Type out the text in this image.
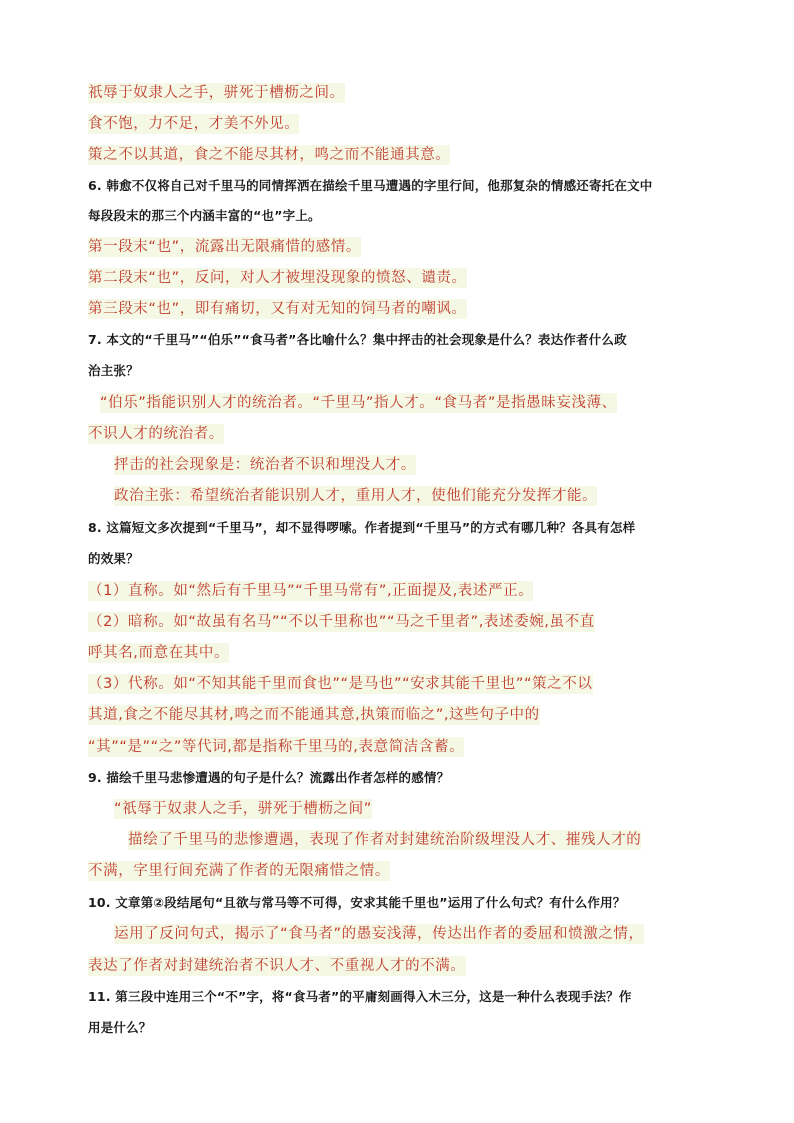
祇辱于奴隶人之手，骈死于槽枥之间。
食不饱，力不足，才美不外见。
策之不以其道，食之不能尽其材，鸣之而不能通其意。
6. 韩愈不仅将自己对千里马的同情挥洒在描绘千里马遭遇的字里行间，他那复杂的情感还寄托在文中
每段段末的那三个内涵丰富的“也”字上。
第一段末“也”，流露出无限痛惜的感情。
第二段末“也”，反问，对人才被埋没现象的愤怒、谴责。
第三段末“也”，即有痛切，又有对无知的饲马者的嘲讽。
7. 本文的“千里马”“伯乐”“食马者”各比喻什么？集中抨击的社会现象是什么？表达作者什么政
治主张？
“伯乐”指能识别人才的统治者。“千里马”指人才。“食马者”是指愚昧妄浅薄、
不识人才的统治者。
抨击的社会现象是：统治者不识和埋没人才。
政治主张：希望统治者能识别人才，重用人才，使他们能充分发挥才能。
8. 这篇短文多次提到“千里马”，却不显得啰嗦。作者提到“千里马”的方式有哪几种？各具有怎样
的效果？
（1）直称。如“然后有千里马”“千里马常有”,正面提及,表述严正。
（2）暗称。如“故虽有名马”“不以千里称也”“马之千里者”,表述委婉,虽不直
呼其名,而意在其中。
（3）代称。如“不知其能千里而食也”“是马也”“安求其能千里也”“策之不以
其道,食之不能尽其材,鸣之而不能通其意,执策而临之”,这些句子中的
“其”“是”“之”等代词,都是指称千里马的,表意简洁含蓄。
9. 描绘千里马悲惨遭遇的句子是什么？流露出作者怎样的感情？
“祇辱于奴隶人之手，骈死于槽枥之间”
描绘了千里马的悲惨遭遇，表现了作者对封建统治阶级埋没人才、摧残人才的
不满，字里行间充满了作者的无限痛惜之情。
10. 文章第②段结尾句“且欲与常马等不可得，安求其能千里也”运用了什么句式？有什么作用？
运用了反问句式，揭示了“食马者”的愚妄浅薄，传达出作者的委屈和愤激之情，
表达了作者对封建统治者不识人才、不重视人才的不满。
11. 第三段中连用三个“不”字，将“食马者”的平庸刻画得入木三分，这是一种什么表现手法？作
用是什么？
